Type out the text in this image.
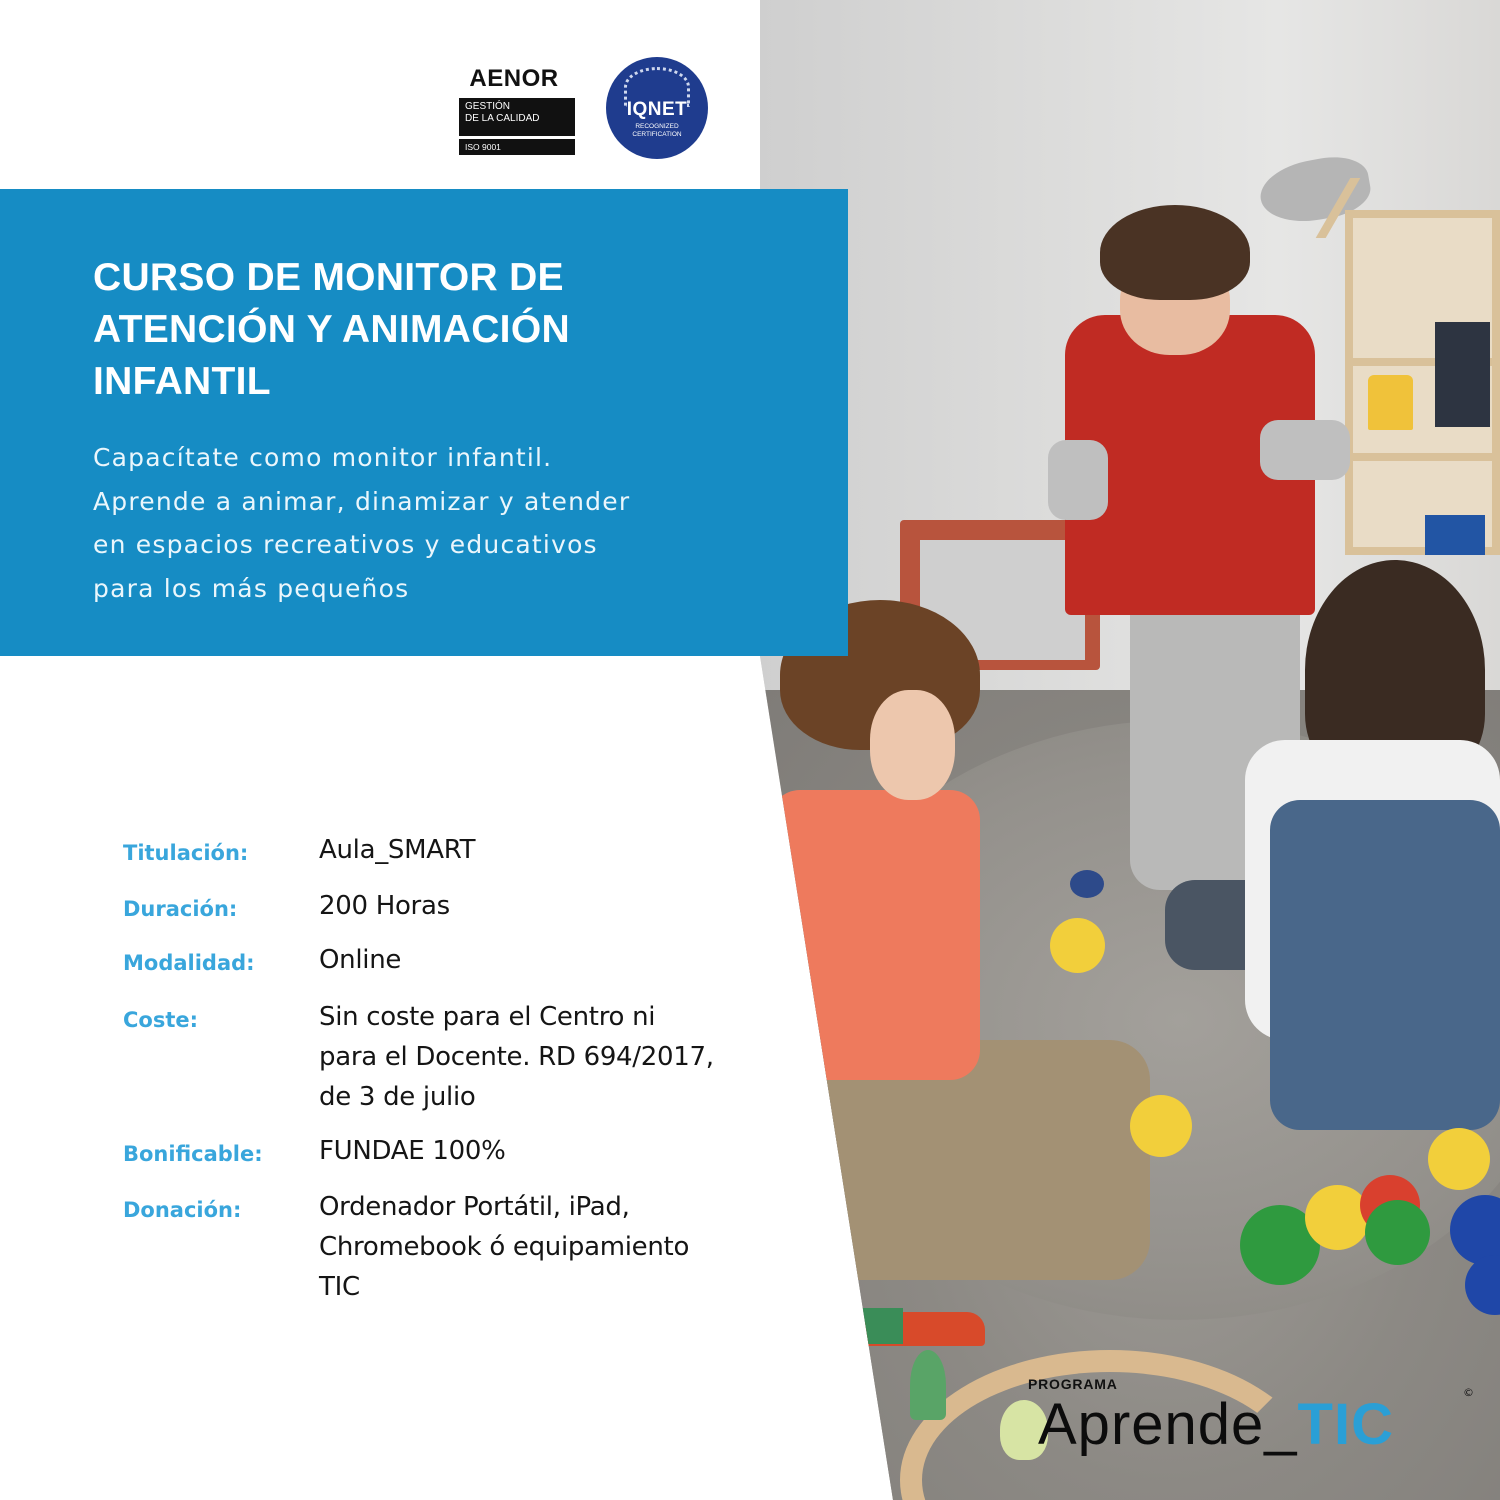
AENOR
GESTIÓN
DE LA CALIDAD
ISO 9001
IQNET
RECOGNIZED
CERTIFICATION
CURSO DE MONITOR DE
ATENCIÓN Y ANIMACIÓN
INFANTIL
Capacítate como monitor infantil.
Aprende a animar, dinamizar y atender
en espacios recreativos y educativos
para los más pequeños
Titulación:	Aula_SMART
Duración:	200 Horas
Modalidad:	Online
Coste:	Sin coste para el Centro ni
para el Docente. RD 694/2017,
de 3 de julio
Bonificable:	FUNDAE 100%
Donación:	Ordenador Portátil, iPad,
Chromebook ó equipamiento
TIC
PROGRAMA
Aprende_TIC	©
